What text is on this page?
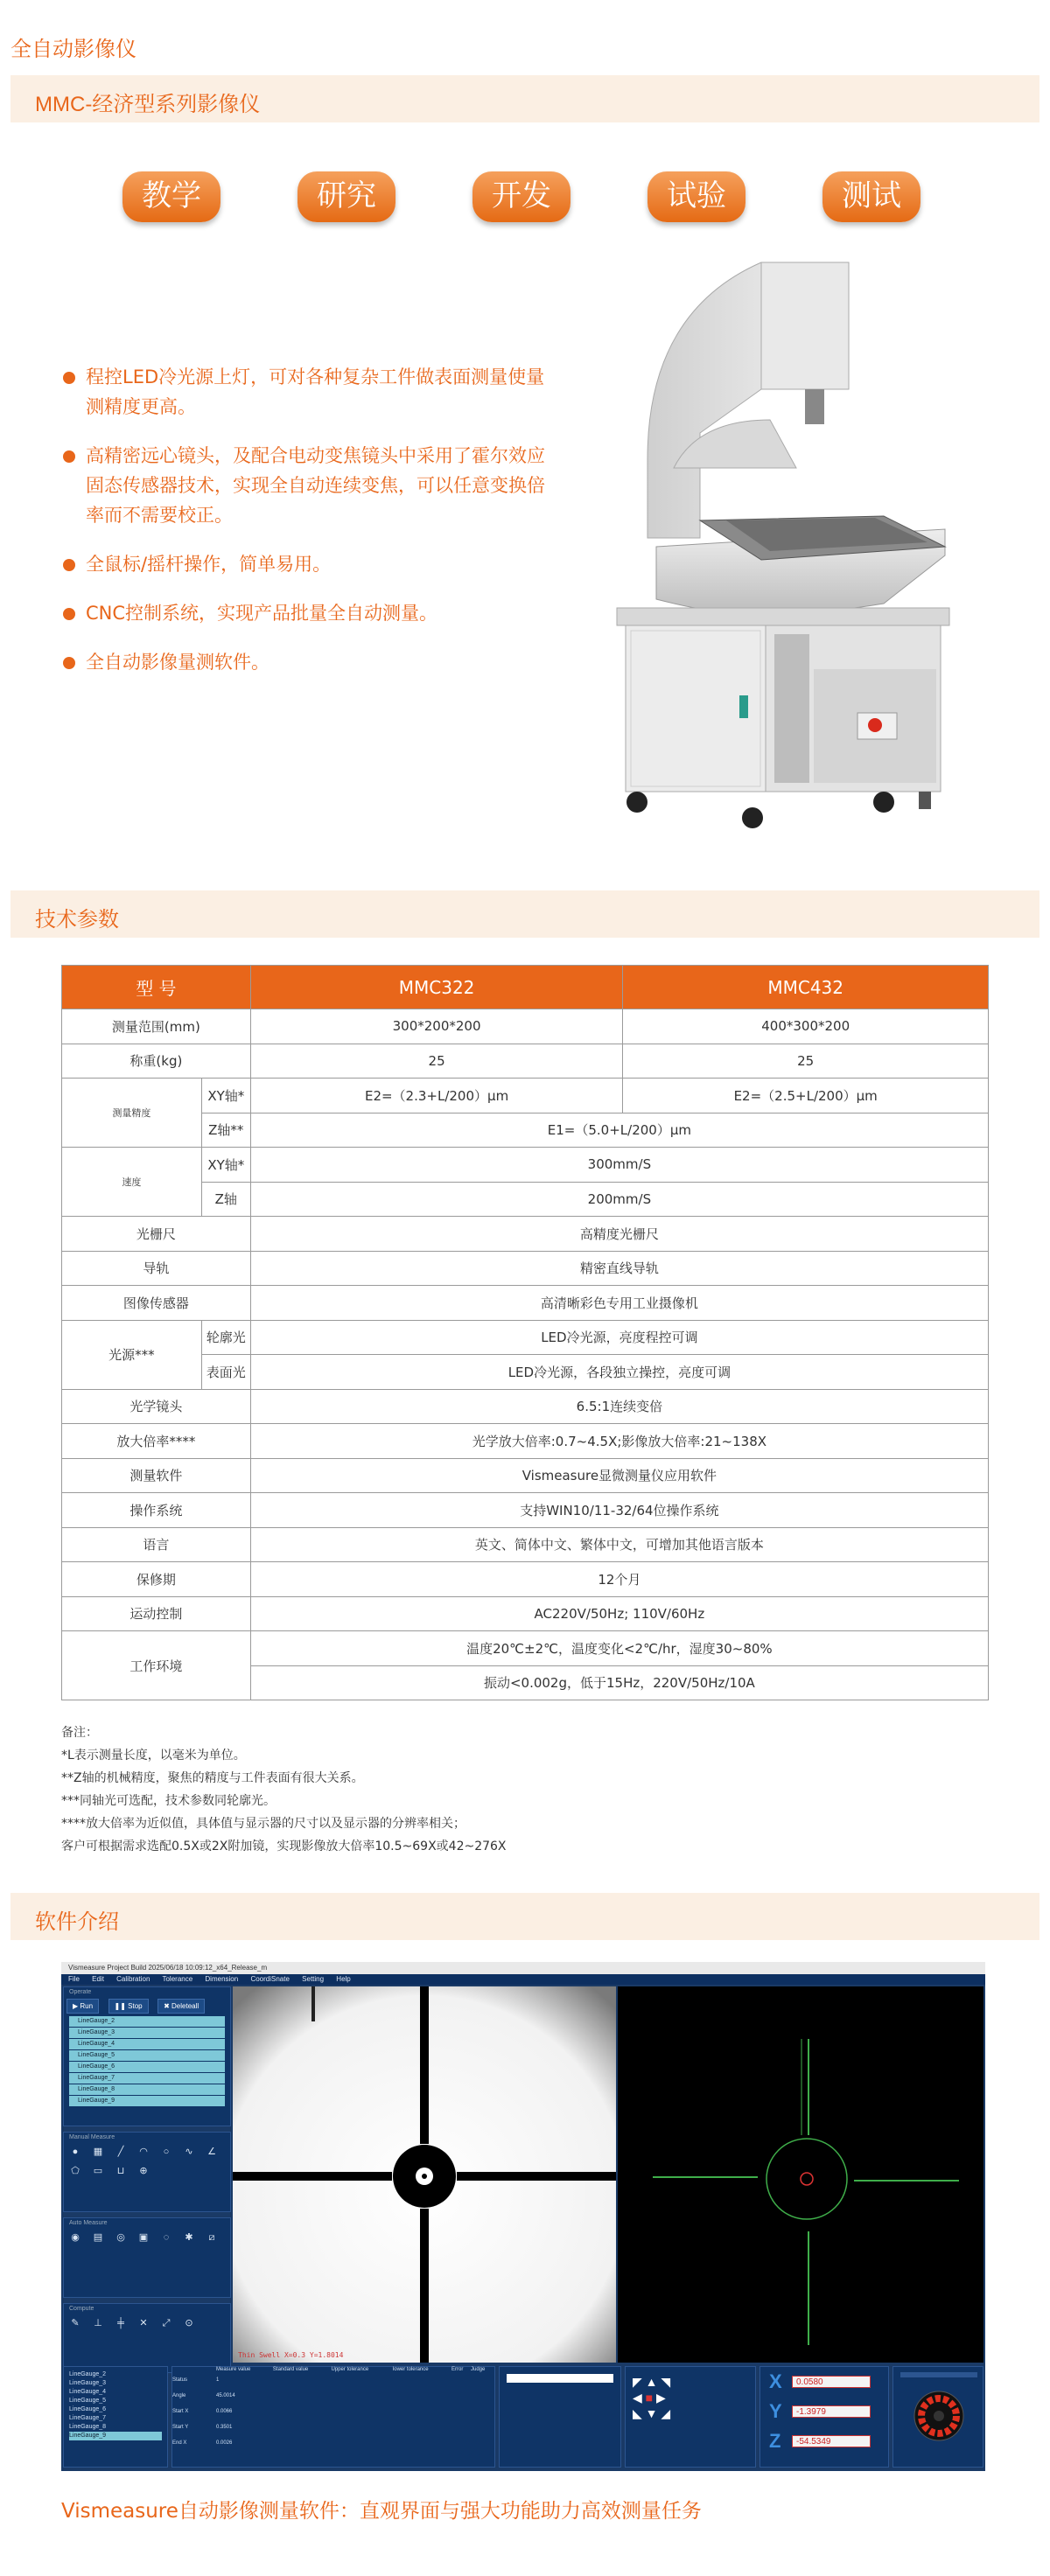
全自动影像仪
MMC-经济型系列影像仪
教学	研究	开发	试验	测试
程控LED冷光源上灯，可对各种复杂工件做表面测量使量测精度更高。
高精密远心镜头，及配合电动变焦镜头中采用了霍尔效应固态传感器技术，实现全自动连续变焦，可以任意变换倍率而不需要校正。
全鼠标/摇杆操作，简单易用。
CNC控制系统，实现产品批量全自动测量。
全自动影像量测软件。
技术参数
型 号		MMC322	MMC432
测量范围(mm)		300*200*200	400*300*200
称重(kg)		25	25
测量精度	XY轴*	E2=（2.3+L/200）μm	E2=（2.5+L/200）μm
	Z轴**	E1=（5.0+L/200）μm	
速度	XY轴*	300mm/S	
	Z轴	200mm/S	
光栅尺		高精度光栅尺	
导轨		精密直线导轨	
图像传感器		高清晰彩色专用工业摄像机	
光源***	轮廓光	LED冷光源，亮度程控可调	
	表面光	LED冷光源，各段独立操控，亮度可调	
光学镜头		6.5:1连续变倍	
放大倍率****		光学放大倍率:0.7~4.5X;影像放大倍率:21~138X	
测量软件		Vismeasure显微测量仪应用软件	
操作系统		支持WIN10/11-32/64位操作系统	
语言		英文、简体中文、繁体中文，可增加其他语言版本	
保修期		12个月	
运动控制		AC220V/50Hz; 110V/60Hz	
工作环境		温度20℃±2℃，温度变化<2℃/hr，湿度30~80%	
		振动<0.002g，低于15Hz，220V/50Hz/10A	
备注：
*L表示测量长度，以毫米为单位。
**Z轴的机械精度，聚焦的精度与工件表面有很大关系。
***同轴光可选配，技术参数同轮廓光。
****放大倍率为近似值，具体值与显示器的尺寸以及显示器的分辨率相关；
客户可根据需求选配0.5X或2X附加镜，实现影像放大倍率10.5~69X或42~276X
软件介绍
Vismeasure Project Build 2025/06/18 10:09:12_x64_Release_m
File Edit Calibration Tolerance Dimension CoordiSnate Setting Help
Operate
▶ Run	❚❚ Stop	✖ Deleteall
LineGauge_2
LineGauge_3
LineGauge_4
LineGauge_5
LineGauge_6
LineGauge_7
LineGauge_8
LineGauge_9
Manual Measure
● ▦ ╱ ◠ ○ ∿ ∠⬠ ▭ ⊔ ⊕
Auto Measure
◉ ▤ ◎ ▣ ◌ ✱ ⧄
Compute
✎ ⊥ ╪ ✕ ⤢ ⊙
Thin Swell X=0.3 Y=1.8014
LineGauge_2
LineGauge_3
LineGauge_4
LineGauge_5
LineGauge_6
LineGauge_7
LineGauge_8
LineGauge_9
	Measure value	Standard value	Upper tolerance	lower tolerance	Error	Judge
Status	1					
Angle	45.0014					
Start X	0.0066					
Start Y	0.3501					
End X	0.0026					
◤ ▲ ◥
◀ ■ ▶
◣ ▼ ◢
X	0.0580
Y	-1.3979
Z	-54.5349
Vismeasure自动影像测量软件：直观界面与强大功能助力高效测量任务
